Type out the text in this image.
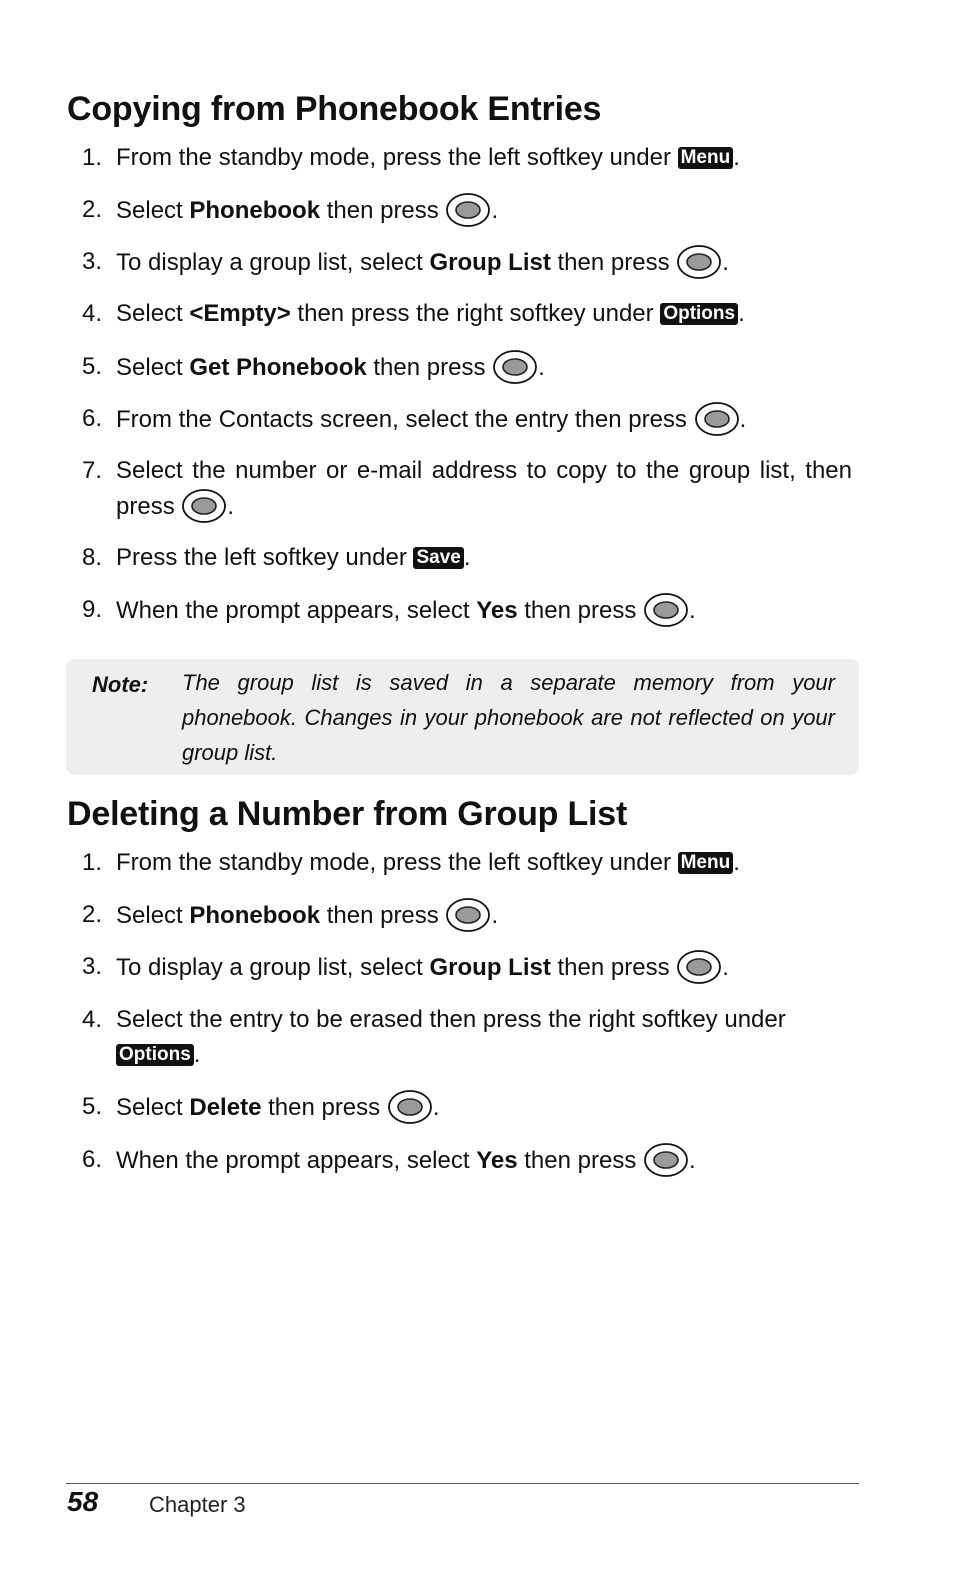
Copying from Phonebook Entries
1. From the standby mode, press the left softkey under Menu .
2. Select Phonebook then press
.
3. To display a group list, select Group List then press
.
4. Select <Empty> then press the right softkey under Options .
5. Select Get Phonebook then press
.
6. From the Contacts screen, select the entry then press
.
7. Select the number or e-mail address to copy to the group list, then press
.
8. Press the left softkey under Save .
9. When the prompt appears, select Yes then press
.
Note: The group list is saved in a separate memory from your phonebook. Changes in your phonebook are not reflected on your group list.
Deleting a Number from Group List
1. From the standby mode, press the left softkey under Menu .
2. Select Phonebook then press
.
3. To display a group list, select Group List then press
.
4. Select the entry to be erased then press the right softkey under Options .
5. Select Delete then press
.
6. When the prompt appears, select Yes then press
.
58 Chapter 3
